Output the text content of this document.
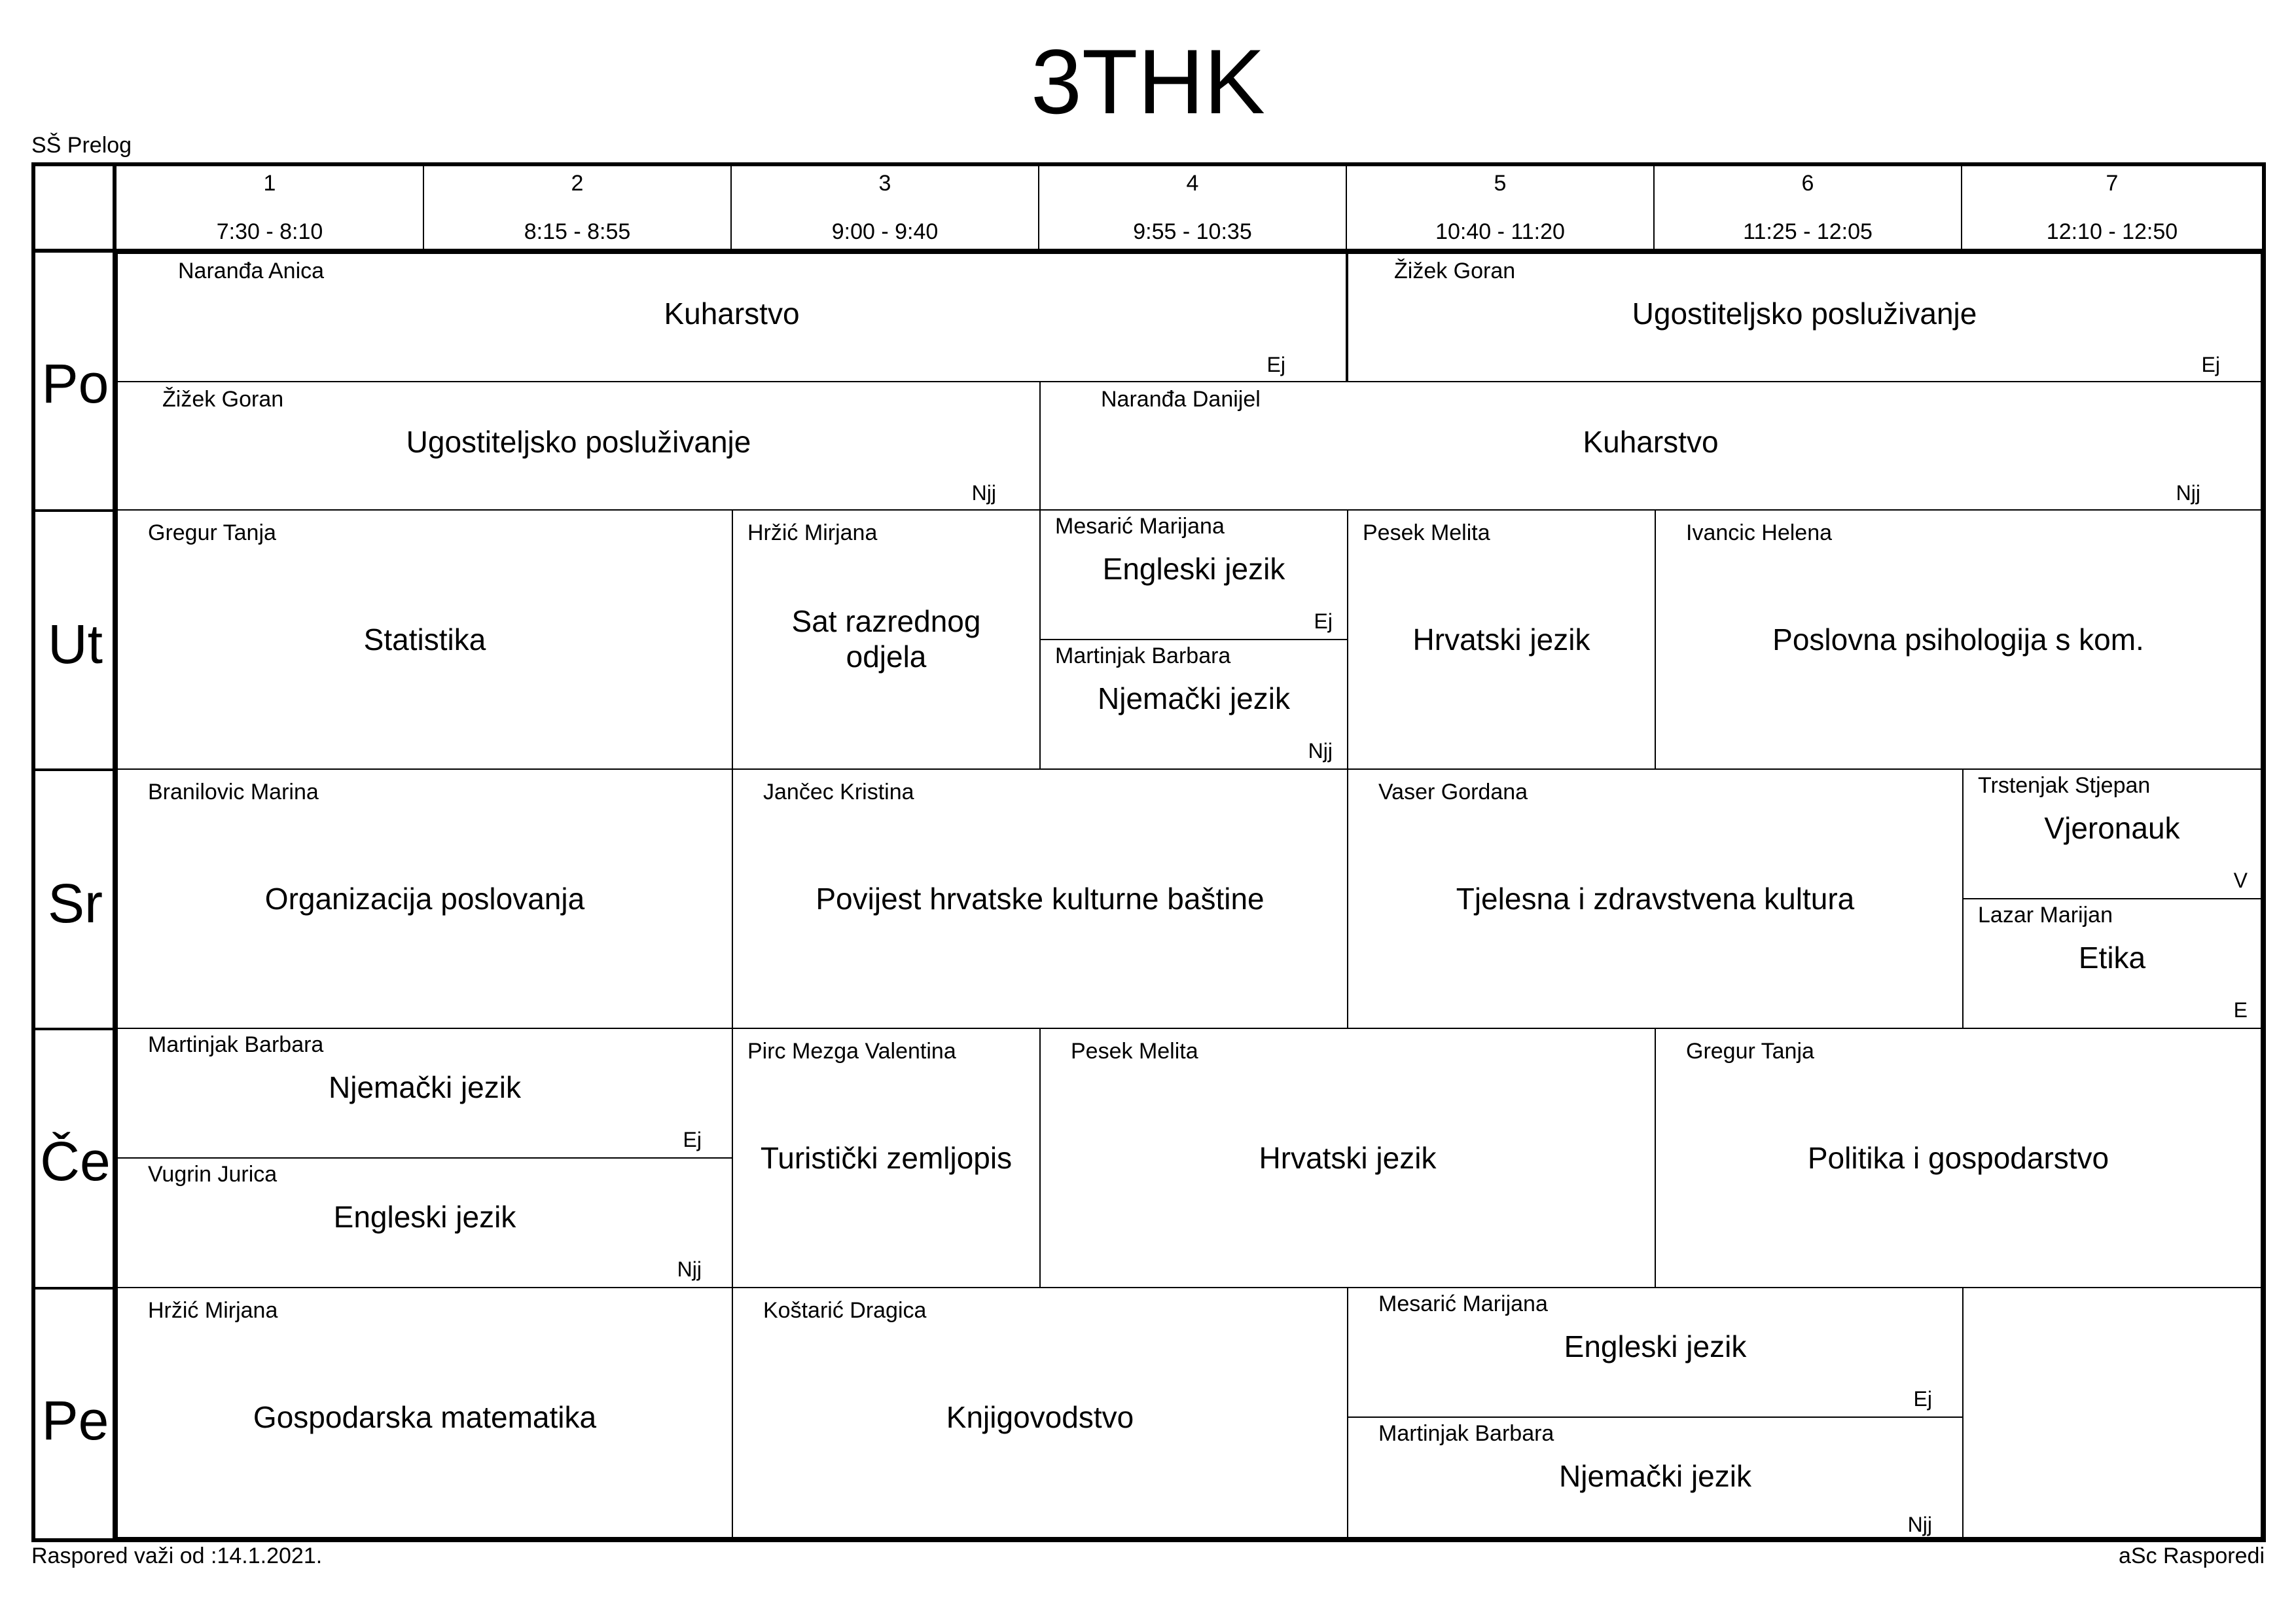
3THK
SŠ Prelog
1
7:30 - 8:10
2
8:15 - 8:55
3
9:00 - 9:40
4
9:55 - 10:35
5
10:40 - 11:20
6
11:25 - 12:05
7
12:10 - 12:50
Po
Ut
Sr
Če
Pe
Naranđa Anica
Kuharstvo
Ej
Žižek Goran
Ugostiteljsko posluživanje
Ej
Žižek Goran
Ugostiteljsko posluživanje
Njj
Naranđa Danijel
Kuharstvo
Njj
Gregur Tanja
Statistika
Hržić Mirjana
Sat razrednog
odjela
Mesarić Marijana
Engleski jezik
Ej
Martinjak Barbara
Njemački jezik
Njj
Pesek Melita
Hrvatski jezik
Ivancic Helena
Poslovna psihologija s kom.
Branilovic Marina
Organizacija poslovanja
Jančec Kristina
Povijest hrvatske kulturne baštine
Vaser Gordana
Tjelesna i zdravstvena kultura
Trstenjak Stjepan
Vjeronauk
V
Lazar Marijan
Etika
E
Martinjak Barbara
Njemački jezik
Ej
Vugrin Jurica
Engleski jezik
Njj
Pirc Mezga Valentina
Turistički zemljopis
Pesek Melita
Hrvatski jezik
Gregur Tanja
Politika i gospodarstvo
Hržić Mirjana
Gospodarska matematika
Koštarić Dragica
Knjigovodstvo
Mesarić Marijana
Engleski jezik
Ej
Martinjak Barbara
Njemački jezik
Njj
Raspored važi od :14.1.2021.	aSc Rasporedi
